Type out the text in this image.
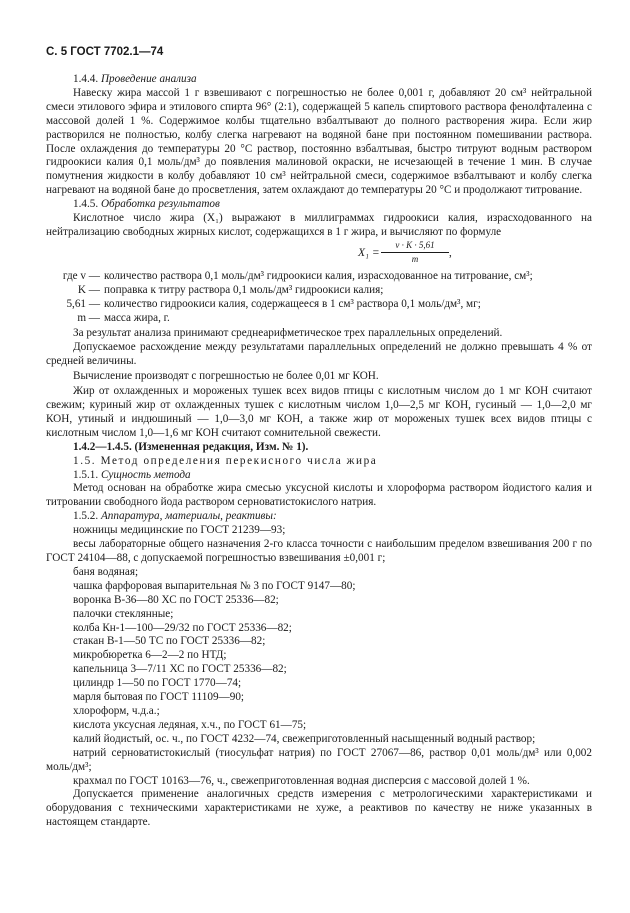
С. 5 ГОСТ 7702.1—74

1.4.4. Проведение анализа

Навеску жира массой 1 г взвешивают с погрешностью не более 0,001 г, добавляют 20 см³ нейтральной смеси этилового эфира и этилового спирта 96° (2:1), содержащей 5 капель спиртового раствора фенолфталеина с массовой долей 1 %. Содержимое колбы тщательно взбалтывают до полного растворения жира. Если жир растворился не полностью, колбу слегка нагревают на водяной бане при постоянном помешивании раствора. После охлаждения до температуры 20 °С раствор, постоянно взбалтывая, быстро титруют водным раствором гидроокиси калия 0,1 моль/дм³ до появления малиновой окраски, не исчезающей в течение 1 мин. В случае помутнения жидкости в колбу добавляют 10 см³ нейтральной смеси, содержимое взбалтывают и колбу слегка нагревают на водяной бане до просветления, затем охлаждают до температуры 20 °С и продолжают титрование.

1.4.5. Обработка результатов

Кислотное число жира (X₁) выражают в миллиграммах гидроокиси калия, израсходованного на нейтрализацию свободных жирных кислот, содержащихся в 1 г жира, и вычисляют по формуле

$X_1 = \frac{v \cdot K \cdot 5,61}{m}$ ,

где v — количество раствора 0,1 моль/дм³ гидроокиси калия, израсходованное на титрование, см³;

K — поправка к титру раствора 0,1 моль/дм³ гидроокиси калия;

5,61 — количество гидроокиси калия, содержащееся в 1 см³ раствора 0,1 моль/дм³, мг;

m — масса жира, г.

За результат анализа принимают среднеарифметическое трех параллельных определений.

Допускаемое расхождение между результатами параллельных определений не должно превышать 4 % от средней величины.

Вычисление производят с погрешностью не более 0,01 мг КОН.

Жир от охлажденных и мороженых тушек всех видов птицы с кислотным числом до 1 мг КОН считают свежим; куриный жир от охлажденных тушек с кислотным числом 1,0—2,5 мг КОН, гусиный — 1,0—2,0 мг КОН, утиный и индюшиный — 1,0—3,0 мг КОН, а также жир от мороженых тушек всех видов птицы с кислотным числом 1,0—1,6 мг КОН считают сомнительной свежести.

1.4.2—1.4.5. (Измененная редакция, Изм. № 1).

1.5. Метод определения перекисного числа жира

1.5.1. Сущность метода

Метод основан на обработке жира смесью уксусной кислоты и хлороформа раствором йодистого калия и титровании свободного йода раствором серноватистокислого натрия.

1.5.2. Аппаратура, материалы, реактивы:

ножницы медицинские по ГОСТ 21239—93;

весы лабораторные общего назначения 2-го класса точности с наибольшим пределом взвешивания 200 г по ГОСТ 24104—88, с допускаемой погрешностью взвешивания ±0,001 г;

баня водяная;

чашка фарфоровая выпарительная № 3 по ГОСТ 9147—80;

воронка В-36—80 ХС по ГОСТ 25336—82;

палочки стеклянные;

колба Кн-1—100—29/32 по ГОСТ 25336—82;

стакан В-1—50 ТС по ГОСТ 25336—82;

микробюретка 6—2—2 по НТД;

капельница 3—7/11 ХС по ГОСТ 25336—82;

цилиндр 1—50 по ГОСТ 1770—74;

марля бытовая по ГОСТ 11109—90;

хлороформ, ч.д.а.;

кислота уксусная ледяная, х.ч., по ГОСТ 61—75;

калий йодистый, ос. ч., по ГОСТ 4232—74, свежеприготовленный насыщенный водный раствор;

натрий серноватистокислый (тиосульфат натрия) по ГОСТ 27067—86, раствор 0,01 моль/дм³ или 0,002 моль/дм³;

крахмал по ГОСТ 10163—76, ч., свежеприготовленная водная дисперсия с массовой долей 1 %.

Допускается применение аналогичных средств измерения с метрологическими характеристиками и оборудования с техническими характеристиками не хуже, а реактивов по качеству не ниже указанных в настоящем стандарте.
